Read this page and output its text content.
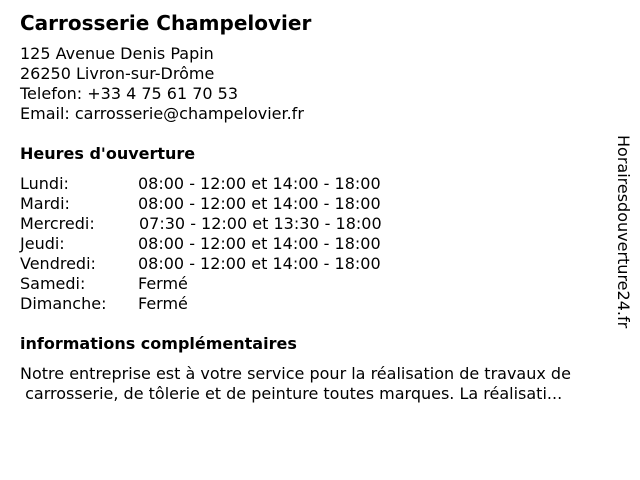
Carrosserie Champelovier
125 Avenue Denis Papin
26250 Livron-sur-Drôme
Telefon: +33 4 75 61 70 53
Email: carrosserie@champelovier.fr
Heures d'ouverture
Lundi:	08:00 - 12:00 et 14:00 - 18:00
Mardi:	08:00 - 12:00 et 14:00 - 18:00
Mercredi:	07:30 - 12:00 et 13:30 - 18:00
Jeudi:	08:00 - 12:00 et 14:00 - 18:00
Vendredi:	08:00 - 12:00 et 14:00 - 18:00
Samedi:	Fermé
Dimanche: Fermé
informations complémentaires
Notre entreprise est à votre service pour la réalisation de travaux de
carrosserie, de tôlerie et de peinture toutes marques. La réalisati...
Horairesdouverture24.fr
